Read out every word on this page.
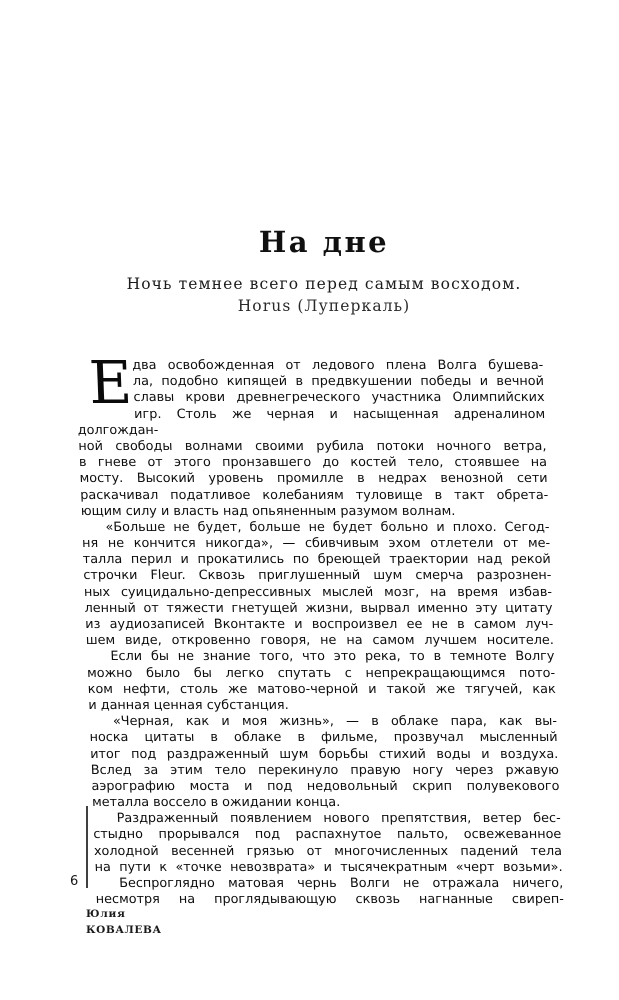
На дне
Ночь темнее всего перед самым восходом.
Horus (Луперкаль)
Е
два освобожденная от ледового плена Волга бушева-
ла, подобно кипящей в предвкушении победы и вечной
славы крови древнегреческого участника Олимпийских
игр. Столь же черная и насыщенная адреналином долгождан-
ной свободы волнами своими рубила потоки ночного ветра,
в гневе от этого пронзавшего до костей тело, стоявшее на
мосту. Высокий уровень промилле в недрах венозной сети
раскачивал податливое колебаниям туловище в такт обрета-
ющим силу и власть над опьяненным разумом волнам.
«Больше не будет, больше не будет больно и плохо. Сегод-
ня не кончится никогда», — сбивчивым эхом отлетели от ме-
талла перил и прокатились по бреющей траектории над рекой
строчки Fleur. Сквозь приглушенный шум смерча разрознен-
ных суицидально-депрессивных мыслей мозг, на время избав-
ленный от тяжести гнетущей жизни, вырвал именно эту цитату
из аудиозаписей Вконтакте и воспроизвел ее не в самом луч-
шем виде, откровенно говоря, не на самом лучшем носителе.
Если бы не знание того, что это река, то в темноте Волгу
можно было бы легко спутать с непрекращающимся пото-
ком нефти, столь же матово-черной и такой же тягучей, как
и данная ценная субстанция.
«Черная, как и моя жизнь», — в облаке пара, как вы-
носка цитаты в облаке в фильме, прозвучал мысленный
итог под раздраженный шум борьбы стихий воды и воздуха.
Вслед за этим тело перекинуло правую ногу через ржавую
аэрографию моста и под недовольный скрип полувекового
металла воссело в ожидании конца.
Раздраженный появлением нового препятствия, ветер бес-
стыдно прорывался под распахнутое пальто, освежеванное
холодной весенней грязью от многочисленных падений тела
на пути к «точке невозврата» и тысячекратным «черт возьми».
Беспроглядно матовая чернь Волги не отражала ничего,
несмотря на проглядывающую сквозь нагнанные свиреп-
6
Юлия
КОВАЛЕВА
